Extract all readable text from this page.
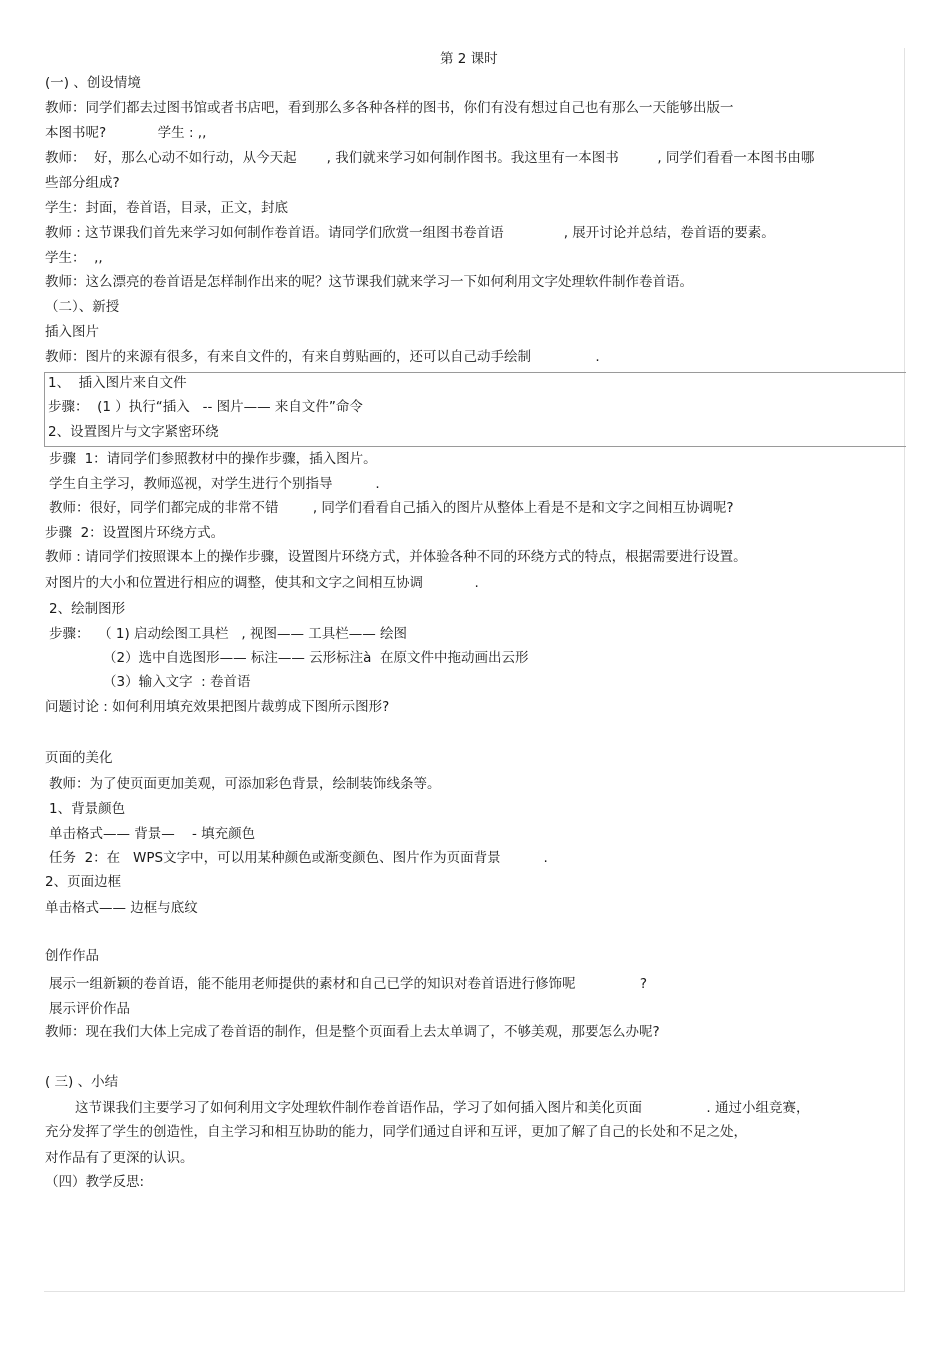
第 2 课时
(一) 、创设情境
教师：同学们都去过图书馆或者书店吧，看到那么多各种各样的图书，你们有没有想过自己也有那么一天能够出版一
本图书呢?            学生 : ,,
教师：  好，那么心动不如行动，从今天起       , 我们就来学习如何制作图书。我这里有一本图书         , 同学们看看一本图书由哪
些部分组成?
学生：封面，卷首语，目录，正文，封底
教师 : 这节课我们首先来学习如何制作卷首语。请同学们欣赏一组图书卷首语              , 展开讨论并总结，卷首语的要素。
学生：  ,,
教师：这么漂亮的卷首语是怎样制作出来的呢？这节课我们就来学习一下如何利用文字处理软件制作卷首语。
（二）、新授
插入图片
教师：图片的来源有很多，有来自文件的，有来自剪贴画的，还可以自己动手绘制               .
1、  插入图片来自文件
步骤：  (1 ）执行“插入   -- 图片—— 来自文件”命令
2、设置图片与文字紧密环绕
步骤  1：请同学们参照教材中的操作步骤，插入图片。
学生自主学习，教师巡视，对学生进行个别指导          .
教师：很好，同学们都完成的非常不错        , 同学们看看自己插入的图片从整体上看是不是和文字之间相互协调呢?
步骤  2：设置图片环绕方式。
教师 : 请同学们按照课本上的操作步骤，设置图片环绕方式，并体验各种不同的环绕方式的特点，根据需要进行设置。
对图片的大小和位置进行相应的调整，使其和文字之间相互协调            .
2、绘制图形
步骤：  （ 1) 启动绘图工具栏   , 视图—— 工具栏—— 绘图
（2）选中自选图形—— 标注—— 云形标注à  在原文件中拖动画出云形
（3）输入文字  : 卷首语
问题讨论 : 如何利用填充效果把图片裁剪成下图所示图形?
页面的美化
教师：为了使页面更加美观，可添加彩色背景，绘制装饰线条等。
1、背景颜色
单击格式—— 背景—    - 填充颜色
任务  2：在   WPS文字中，可以用某种颜色或渐变颜色、图片作为页面背景          .
2、页面边框
单击格式—— 边框与底纹
创作作品
展示一组新颖的卷首语，能不能用老师提供的素材和自己已学的知识对卷首语进行修饰呢               ?
展示评价作品
教师：现在我们大体上完成了卷首语的制作，但是整个页面看上去太单调了，不够美观，那要怎么办呢?
( 三) 、小结
这节课我们主要学习了如何利用文字处理软件制作卷首语作品，学习了如何插入图片和美化页面               . 通过小组竞赛，
充分发挥了学生的创造性，自主学习和相互协助的能力，同学们通过自评和互评，更加了解了自己的长处和不足之处，
对作品有了更深的认识。
（四）教学反思:
